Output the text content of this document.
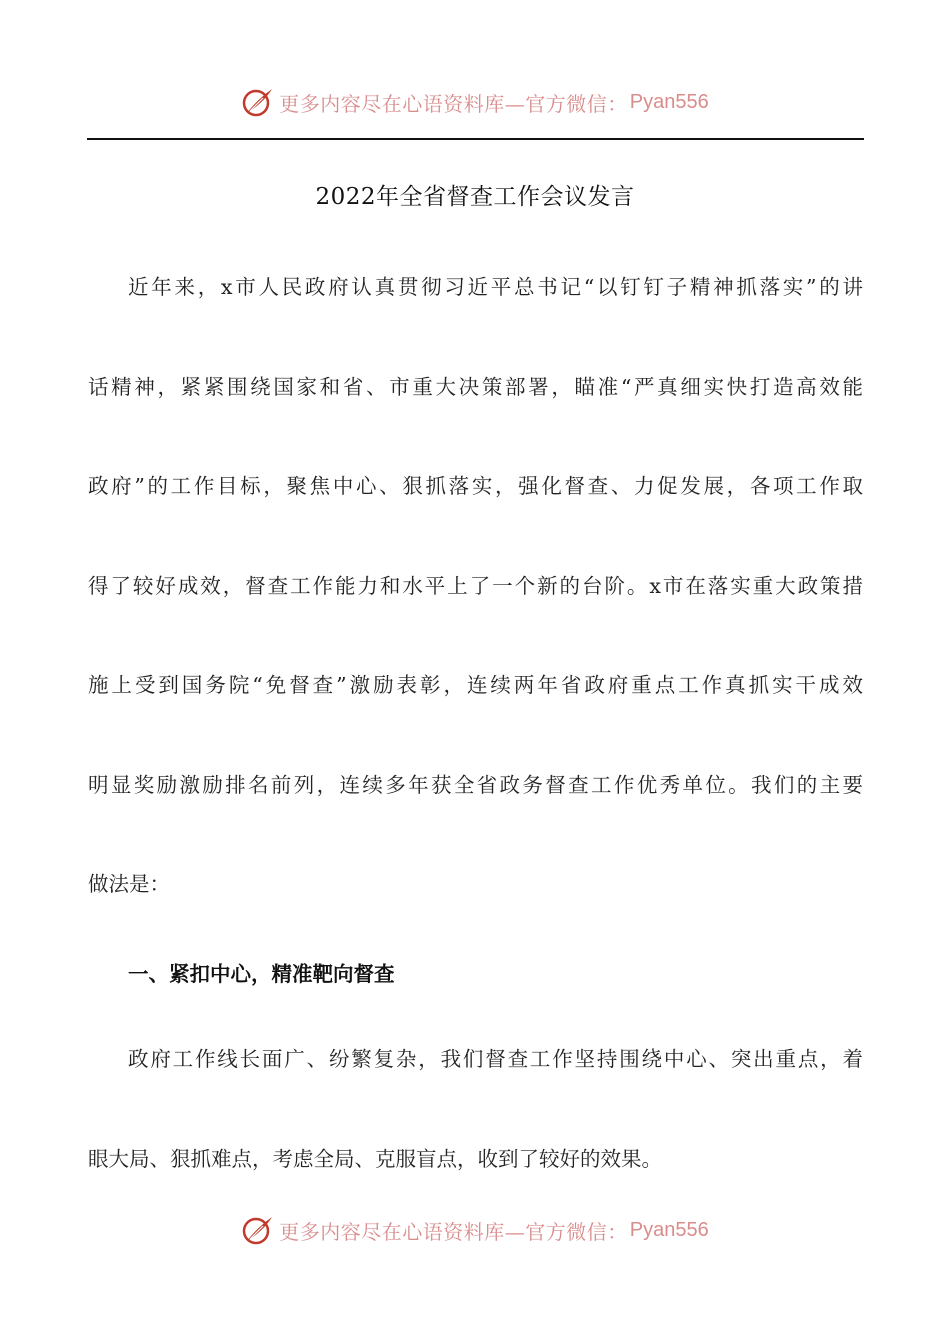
更多内容尽在心语资料库—官方微信： Pyan556
2022年全省督查工作会议发言
近年来，x市人民政府认真贯彻习近平总书记“以钉钉子精神抓落实”的讲
话精神，紧紧围绕国家和省、市重大决策部署，瞄准“严真细实快打造高效能
政府”的工作目标，聚焦中心、狠抓落实，强化督查、力促发展，各项工作取
得了较好成效，督查工作能力和水平上了一个新的台阶。x市在落实重大政策措
施上受到国务院“免督查”激励表彰，连续两年省政府重点工作真抓实干成效
明显奖励激励排名前列，连续多年获全省政务督查工作优秀单位。我们的主要
做法是：
一、紧扣中心，精准靶向督查
政府工作线长面广、纷繁复杂，我们督查工作坚持围绕中心、突出重点，着
眼大局、狠抓难点，考虑全局、克服盲点，收到了较好的效果。
更多内容尽在心语资料库—官方微信： Pyan556
